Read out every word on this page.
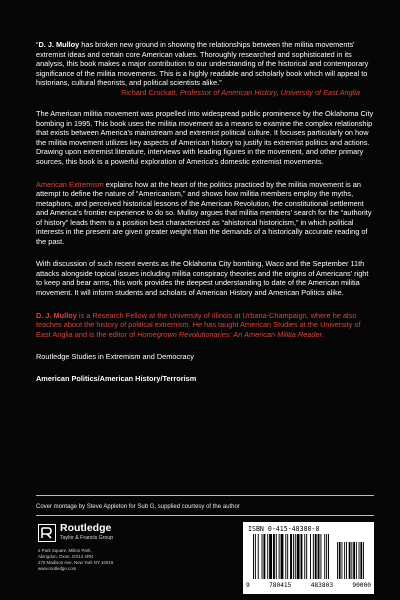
“D. J. Mulloy has broken new ground in showing the relationships between the militia movements' extremist ideas and certain core American values. Thoroughly researched and sophisticated in its analysis, this book makes a major contribution to our understanding of the historical and contemporary significance of the militia movements. This is a highly readable and scholarly book which will appeal to historians, cultural theorists, and political scientists alike.”
Richard Crockatt, Professor of American History, University of East Anglia

The American militia movement was propelled into widespread public prominence by the Oklahoma City bombing in 1995. This book uses the militia movement as a means to examine the complex relationship that exists between America’s mainstream and extremist political culture. It focuses particularly on how the militia movement utilizes key aspects of American history to justify its extremist politics and actions. Drawing upon extremist literature, interviews with leading figures in the movement, and other primary sources, this book is a powerful exploration of America’s domestic extremist movements.

American Extremism explains how at the heart of the politics practiced by the militia movement is an attempt to define the nature of “Americanism,” and shows how militia members employ the myths, metaphors, and perceived historical lessons of the American Revolution, the constitutional settlement and America’s frontier experience to do so. Mulloy argues that militia members’ search for the “authority of history” leads them to a position best characterized as “ahistorical historicism,” in which political interests in the present are given greater weight than the demands of a historically accurate reading of the past.

With discussion of such recent events as the Oklahoma City bombing, Waco and the September 11th attacks alongside topical issues including militia conspiracy theories and the origins of Americans’ right to keep and bear arms, this work provides the deepest understanding to date of the American militia movement. It will inform students and scholars of American History and American Politics alike.

D. J. Mulloy is a Research Fellow at the University of Illinois at Urbana-Champaign, where he also teaches about the history of political extremism. He has taught American Studies at the University of East Anglia and is the editor of Homegrown Revolutionaries: An American Militia Reader.

Routledge Studies in Extremism and Democracy

American Politics/American History/Terrorism

Cover montage by Steve Appleton for Sub G, supplied courtesy of the author
Routledge
Taylor & Francis Group
2 Park Square, Milton Park,
Abingdon, Oxon, OX14 4RN
270 Madison Ave, New York NY 10016
www.routledge.com
ISBN 0-415-48380-8
9	780415	483803	90000
